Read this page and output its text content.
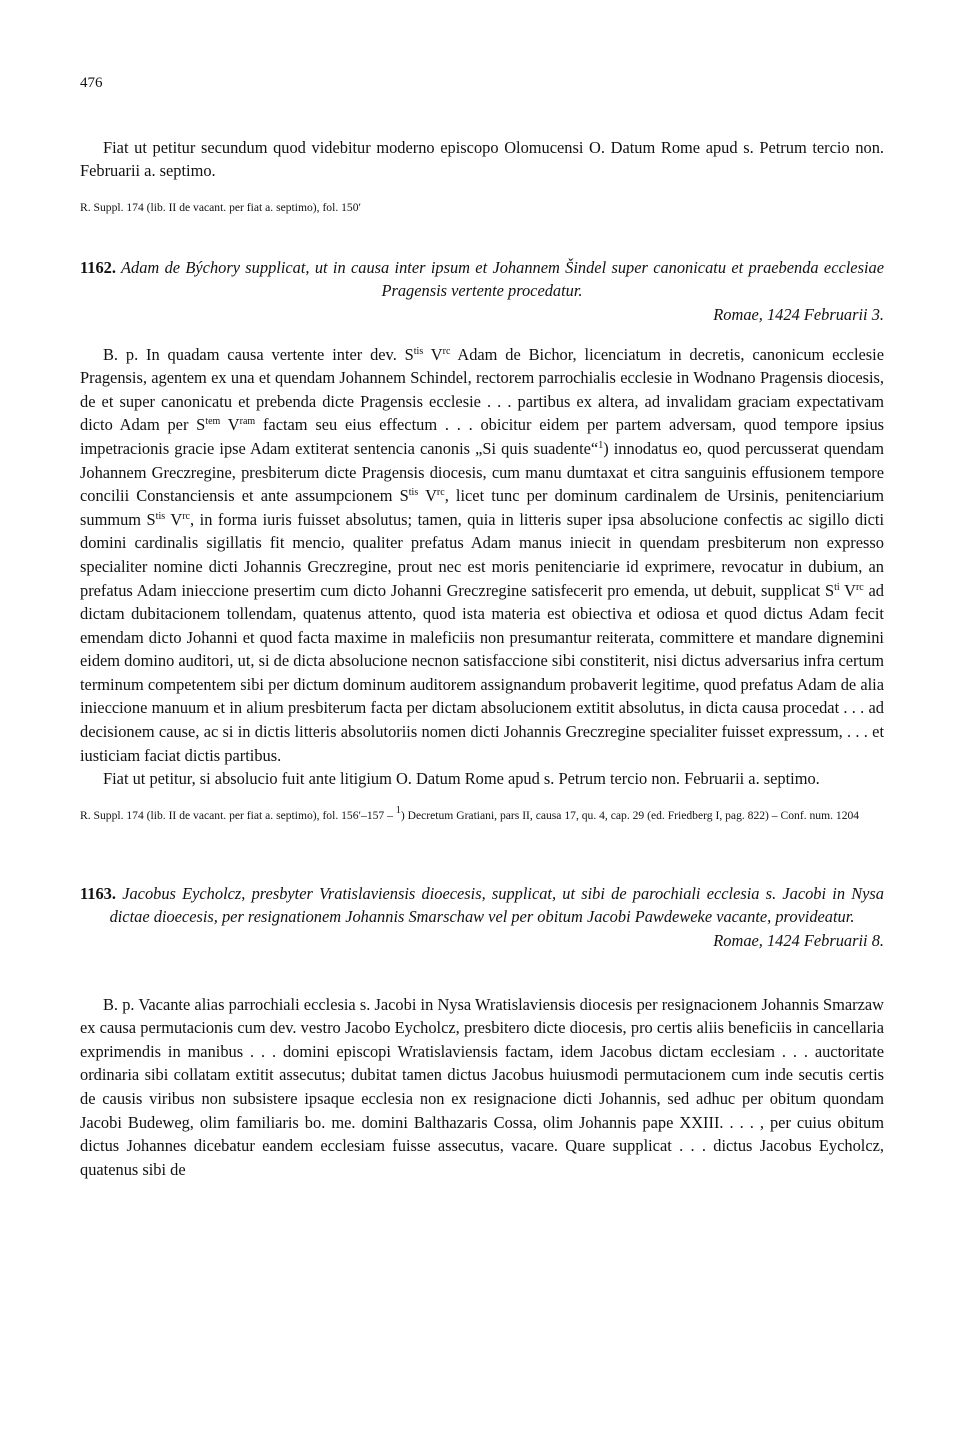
476

Fiat ut petitur secundum quod videbitur moderno episcopo Olomucensi O. Datum Rome apud s. Petrum tercio non. Februarii a. septimo.

R. Suppl. 174 (lib. II de vacant. per fiat a. septimo), fol. 150′

1162. Adam de Býchory supplicat, ut in causa inter ipsum et Johannem Šindel super canonicatu et praebenda ecclesiae Pragensis vertente procedatur.

Romae, 1424 Februarii 3.

B. p. In quadam causa vertente inter dev. $S^{tis}$ $V^{rc}$ Adam de Bichor, licenciatum in decretis, canonicum ecclesie Pragensis, agentem ex una et quendam Johannem Schindel, rectorem parrochialis ecclesie in Wodnano Pragensis diocesis, de et super canonicatu et prebenda dicte Pragensis ecclesie . . . partibus ex altera, ad invalidam graciam expectativam dicto Adam per $S^{tem}$ $V^{ram}$ factam seu eius effectum . . . obicitur eidem per partem adversam, quod tempore ipsius impetracionis gracie ipse Adam extiterat sentencia canonis „Si quis suadente“$^1$) innodatus eo, quod percusserat quendam Johannem Greczregine, presbiterum dicte Pragensis diocesis, cum manu dumtaxat et citra sanguinis effusionem tempore concilii Constanciensis et ante assumpcionem $S^{tis}$ $V^{rc}$, licet tunc per dominum cardinalem de Ursinis, penitenciarium summum $S^{tis}$ $V^{rc}$, in forma iuris fuisset absolutus; tamen, quia in litteris super ipsa absolucione confectis ac sigillo dicti domini cardinalis sigillatis fit mencio, qualiter prefatus Adam manus iniecit in quendam presbiterum non expresso specialiter nomine dicti Johannis Greczregine, prout nec est moris penitenciarie id exprimere, revocatur in dubium, an prefatus Adam inieccione presertim cum dicto Johanni Greczregine satisfecerit pro emenda, ut debuit, supplicat $S^{ti}$ $V^{rc}$ ad dictam dubitacionem tollendam, quatenus attento, quod ista materia est obiectiva et odiosa et quod dictus Adam fecit emendam dicto Johanni et quod facta maxime in maleficiis non presumantur reiterata, committere et mandare dignemini eidem domino auditori, ut, si de dicta absolucione necnon satisfaccione sibi constiterit, nisi dictus adversarius infra certum terminum competentem sibi per dictum dominum auditorem assignandum probaverit legitime, quod prefatus Adam de alia inieccione manuum et in alium presbiterum facta per dictam absolucionem extitit absolutus, in dicta causa procedat . . . ad decisionem cause, ac si in dictis litteris absolutoriis nomen dicti Johannis Greczregine specialiter fuisset expressum, . . . et iusticiam faciat dictis partibus.

Fiat ut petitur, si absolucio fuit ante litigium O. Datum Rome apud s. Petrum tercio non. Februarii a. septimo.

R. Suppl. 174 (lib. II de vacant. per fiat a. septimo), fol. 156′–157 – $^1$) Decretum Gratiani, pars II, causa 17, qu. 4, cap. 29 (ed. Friedberg I, pag. 822) – Conf. num. 1204

1163. Jacobus Eycholcz, presbyter Vratislaviensis dioecesis, supplicat, ut sibi de parochiali ecclesia s. Jacobi in Nysa dictae dioecesis, per resignationem Johannis Smarschaw vel per obitum Jacobi Pawdeweke vacante, provideatur.

Romae, 1424 Februarii 8.

B. p. Vacante alias parrochiali ecclesia s. Jacobi in Nysa Wratislaviensis diocesis per resignacionem Johannis Smarzaw ex causa permutacionis cum dev. vestro Jacobo Eycholcz, presbitero dicte diocesis, pro certis aliis beneficiis in cancellaria exprimendis in manibus . . . domini episcopi Wratislaviensis factam, idem Jacobus dictam ecclesiam . . . auctoritate ordinaria sibi collatam extitit assecutus; dubitat tamen dictus Jacobus huiusmodi permutacionem cum inde secutis certis de causis viribus non subsistere ipsaque ecclesia non ex resignacione dicti Johannis, sed adhuc per obitum quondam Jacobi Budeweg, olim familiaris bo. me. domini Balthazaris Cossa, olim Johannis pape XXIII. . . . , per cuius obitum dictus Johannes dicebatur eandem ecclesiam fuisse assecutus, vacare. Quare supplicat . . . dictus Jacobus Eycholcz, quatenus sibi de
